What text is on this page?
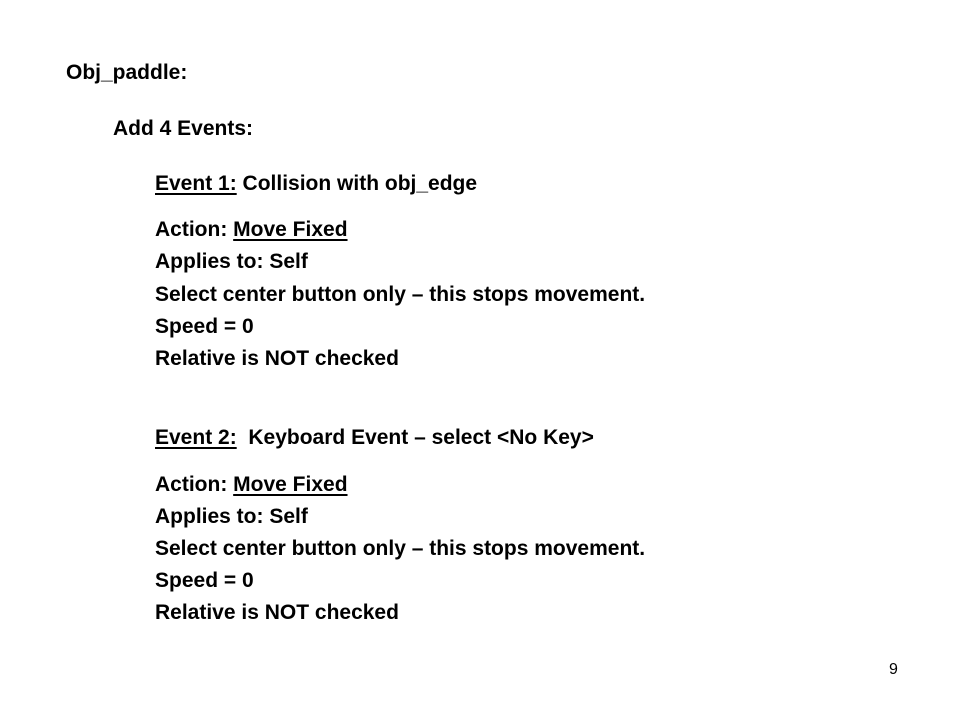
Obj_paddle:
Add 4 Events:
Event 1: Collision with obj_edge
Action: Move Fixed
Applies to: Self
Select center button only – this stops movement.
Speed = 0
Relative is NOT checked
Event 2: Keyboard Event – select <No Key>
Action: Move Fixed
Applies to: Self
Select center button only – this stops movement.
Speed = 0
Relative is NOT checked
9
